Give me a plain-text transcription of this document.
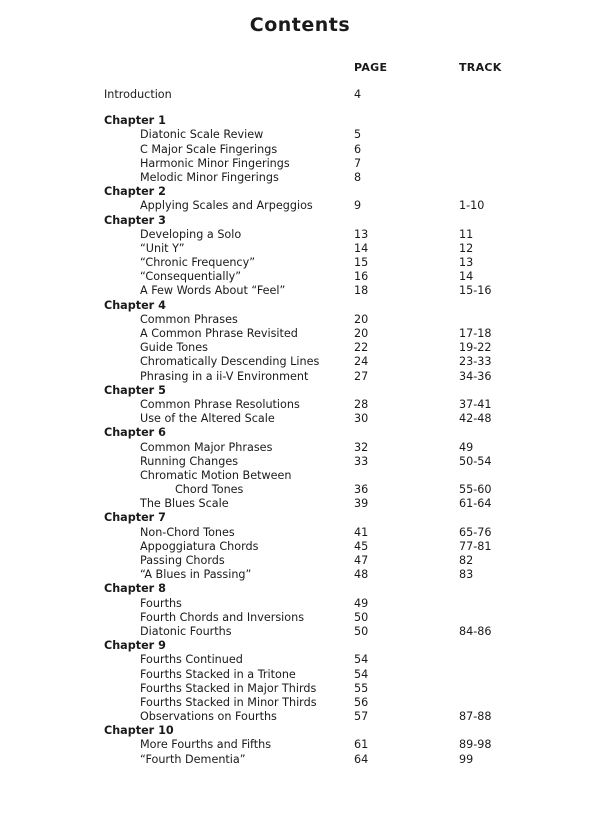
Contents
PAGE	TRACK
Introduction	4
Chapter 1
Diatonic Scale Review	5
C Major Scale Fingerings	6
Harmonic Minor Fingerings	7
Melodic Minor Fingerings	8
Chapter 2
Applying Scales and Arpeggios	9	1-10
Chapter 3
Developing a Solo	13	11
“Unit Y”	14	12
“Chronic Frequency”	15	13
“Consequentially”	16	14
A Few Words About “Feel”	18	15-16
Chapter 4
Common Phrases	20
A Common Phrase Revisited	20	17-18
Guide Tones	22	19-22
Chromatically Descending Lines	24	23-33
Phrasing in a ii-V Environment	27	34-36
Chapter 5
Common Phrase Resolutions	28	37-41
Use of the Altered Scale	30	42-48
Chapter 6
Common Major Phrases	32	49
Running Changes	33	50-54
Chromatic Motion Between
Chord Tones	36	55-60
The Blues Scale	39	61-64
Chapter 7
Non-Chord Tones	41	65-76
Appoggiatura Chords	45	77-81
Passing Chords	47	82
“A Blues in Passing”	48	83
Chapter 8
Fourths	49
Fourth Chords and Inversions	50
Diatonic Fourths	50	84-86
Chapter 9
Fourths Continued	54
Fourths Stacked in a Tritone	54
Fourths Stacked in Major Thirds	55
Fourths Stacked in Minor Thirds	56
Observations on Fourths	57	87-88
Chapter 10
More Fourths and Fifths	61	89-98
“Fourth Dementia”	64	99
